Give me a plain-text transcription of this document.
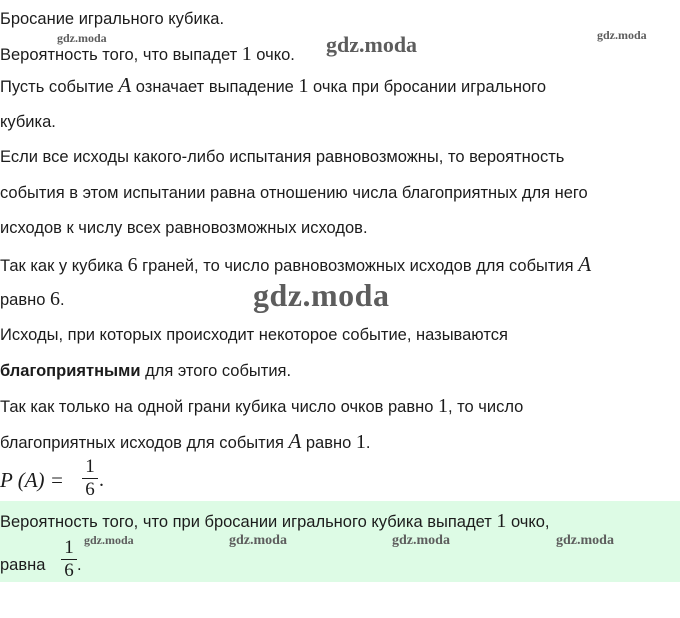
Бросание игрального кубика.
Вероятность того, что выпадет 1 очко.
Пусть событие A означает выпадение 1 очка при бросании игрального
кубика.
Если все исходы какого-либо испытания равновозможны, то вероятность
события в этом испытании равна отношению числа благоприятных для него
исходов к числу всех равновозможных исходов.
Так как у кубика 6 граней, то число равновозможных исходов для события A
равно 6.
Исходы, при которых происходит некоторое событие, называются
благоприятными для этого события.
Так как только на одной грани кубика число очков равно 1, то число
благоприятных исходов для события A равно 1.
P (A) =
1
6 .
Вероятность того, что при бросании игрального кубика выпадет 1 очко,
равна
1
6 .
gdz.moda	gdz.moda	gdz.moda
gdz.moda
gdz.moda	gdz.moda	gdz.moda	gdz.moda
